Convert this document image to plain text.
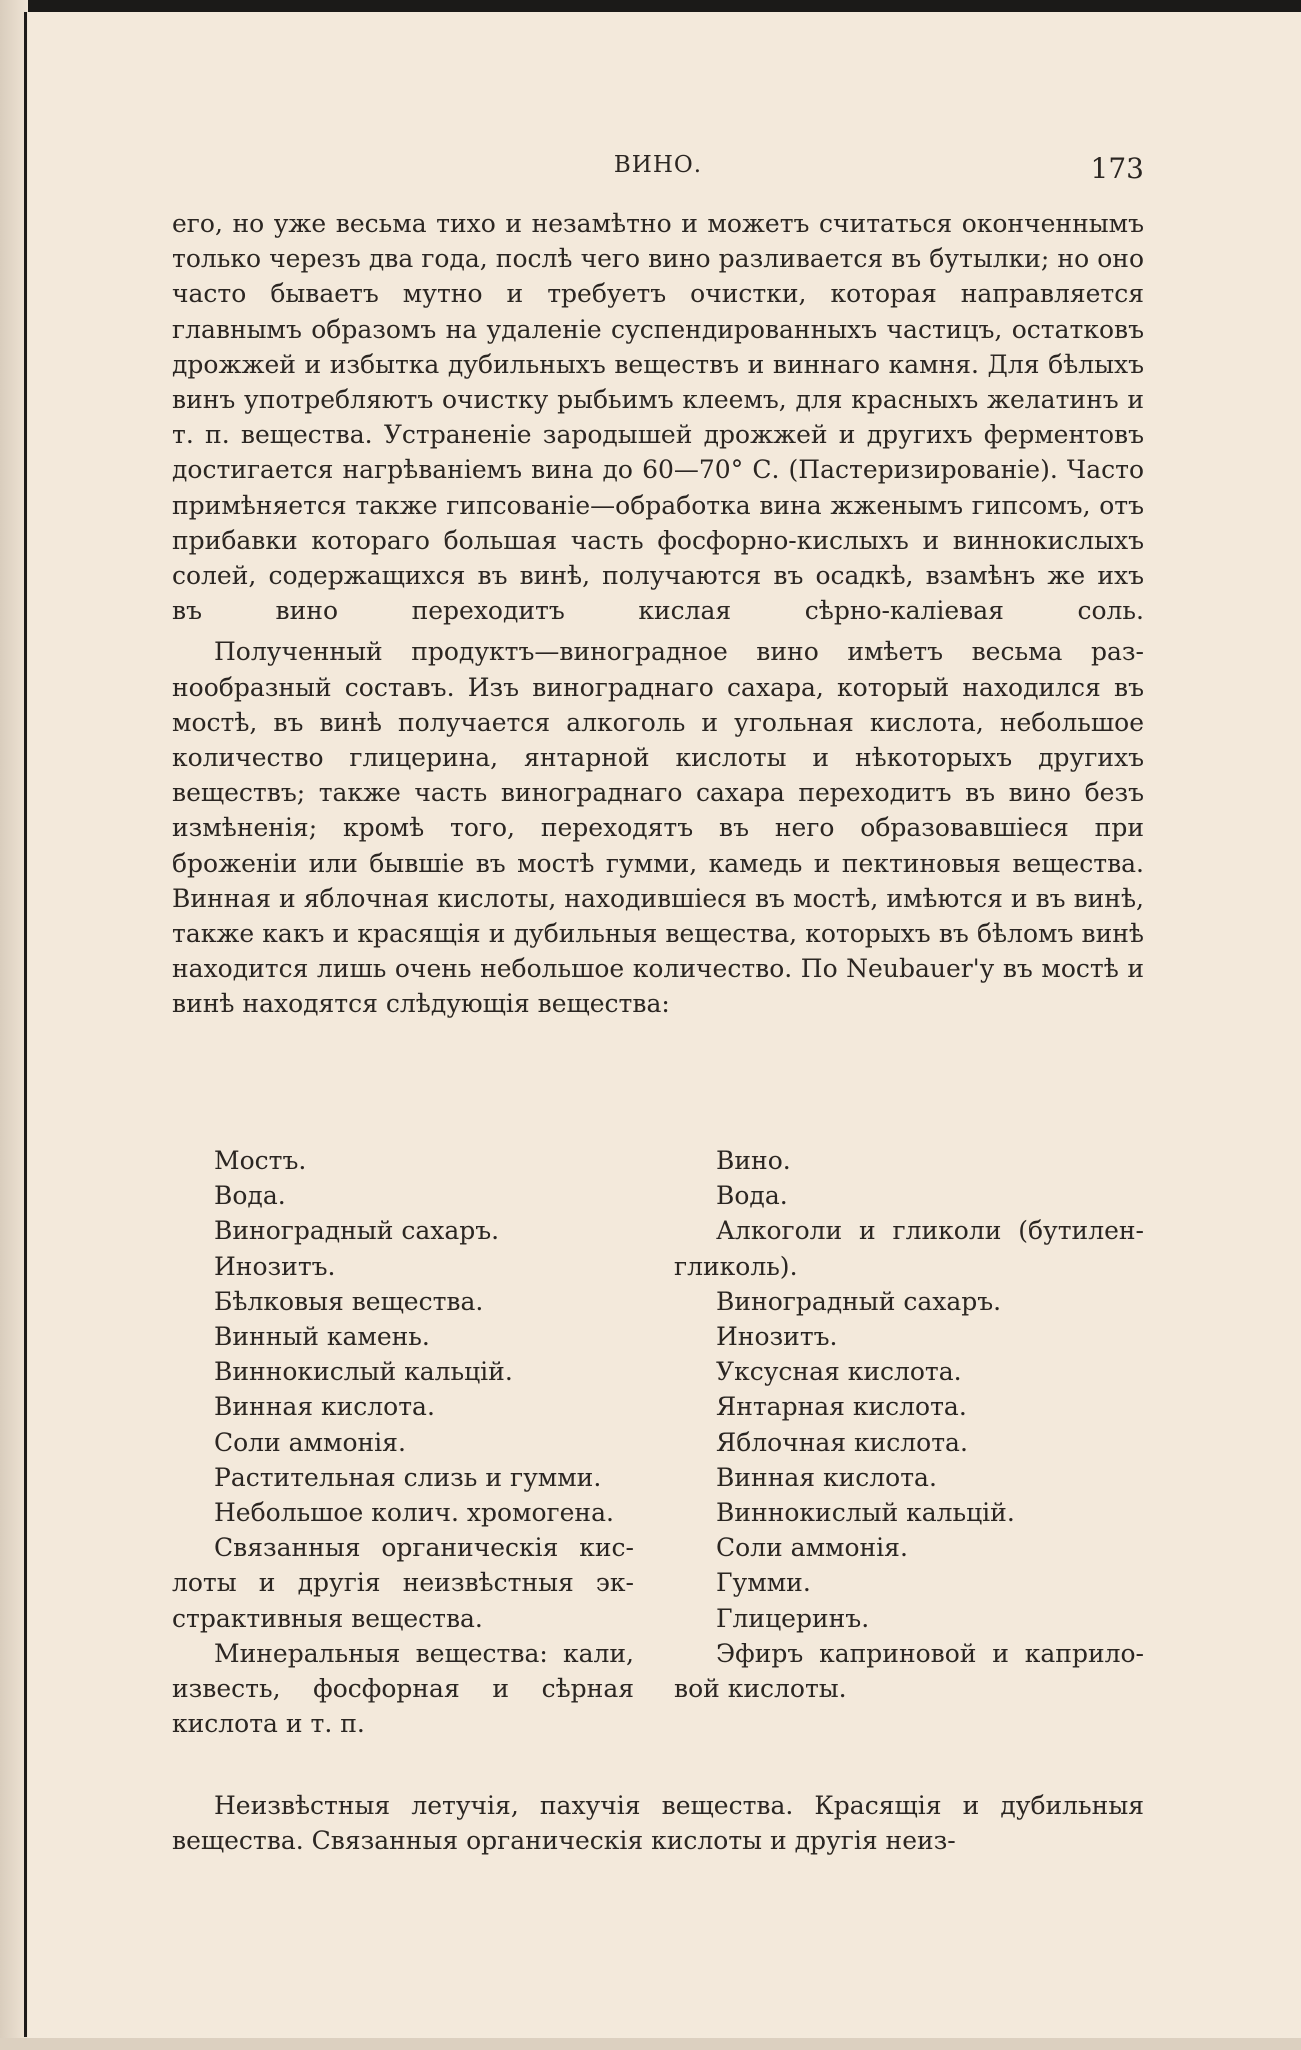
ВИНО.	173

его, но уже весьма тихо и незамѣтно и можетъ считаться оконченнымъ только черезъ два года, послѣ чего вино разливается въ бутылки; но оно часто бываетъ мутно и требуетъ очистки, которая направляется главнымъ образомъ на удаленіе суспендированныхъ частицъ, остатковъ дрожжей и избытка дубильныхъ веществъ и виннаго камня. Для бѣлыхъ винъ употребляютъ очистку рыбьимъ клеемъ, для красныхъ желатинъ и т. п. вещества. Устраненіе зародышей дрожжей и другихъ ферментовъ достигается нагрѣваніемъ вина до 60—70° С. (Пастеризированіе). Часто примѣняется также гипсованіе—обработка вина жженымъ гипсомъ, отъ прибавки котораго большая часть фосфорно-кислыхъ и виннокислыхъ солей, содержащихся въ винѣ, получаются въ осадкѣ, взамѣнъ же ихъ въ вино переходитъ кислая сѣрно-каліевая соль.

Полученный продуктъ—виноградное вино имѣетъ весьма разнообразный составъ. Изъ винограднаго сахара, который находился въ мостѣ, въ винѣ получается алкоголь и угольная кислота, небольшое количество глицерина, янтарной кислоты и нѣкоторыхъ другихъ веществъ; также часть винограднаго сахара переходитъ въ вино безъ измѣненія; кромѣ того, переходятъ въ него образовавшіеся при броженіи или бывшіе въ мостѣ гумми, камедь и пектиновыя вещества. Винная и яблочная кислоты, находившіеся въ мостѣ, имѣются и въ винѣ, также какъ и красящія и дубильныя вещества, которыхъ въ бѣломъ винѣ находится лишь очень небольшое количество. По Neubauer'у въ мостѣ и винѣ находятся слѣдующія вещества:

Мостъ.
Вода.
Виноградный сахаръ.
Инозитъ.
Бѣлковыя вещества.
Винный камень.
Виннокислый кальцій.
Винная кислота.
Соли аммонія.
Растительная слизь и гумми.
Небольшое колич. хромогена.
Связанныя органическія кислоты и другія неизвѣстныя экстрактивныя вещества.
Минеральныя вещества: кали, известь, фосфорная и сѣрная кислота и т. п.
Вино.
Вода.
Алкоголи и гликоли (бутилен-
гликоль).
Виноградный сахаръ.
Инозитъ.
Уксусная кислота.
Янтарная кислота.
Яблочная кислота.
Винная кислота.
Виннокислый кальцій.
Соли аммонія.
Гумми.
Глицеринъ.
Эфиръ каприновой и каприло-
вой кислоты.

Неизвѣстныя летучія, пахучія вещества. Красящія и дубильныя вещества. Связанныя органическія кислоты и другія неиз-
